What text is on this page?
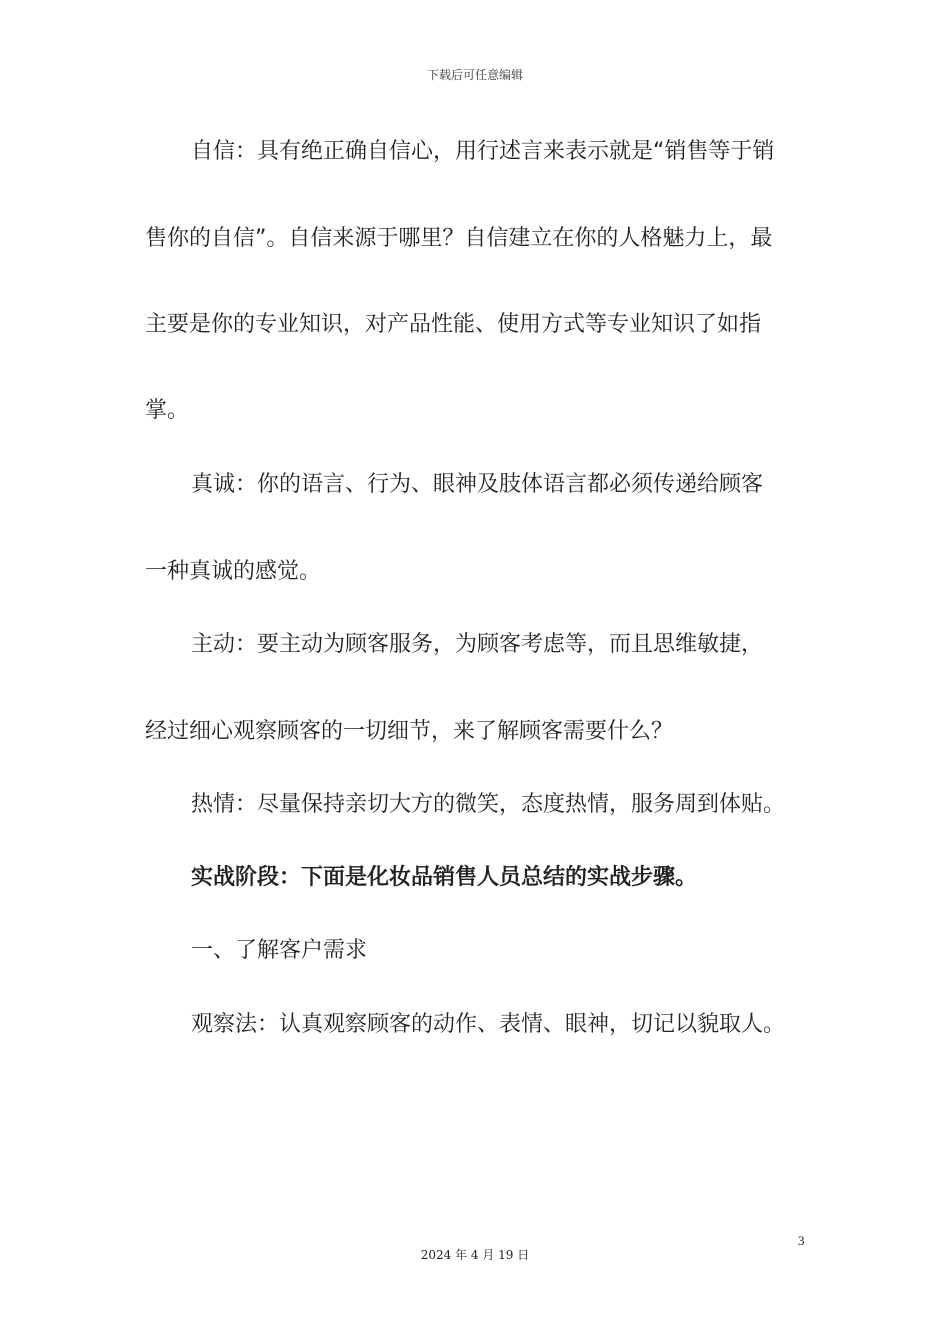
下载后可任意编辑
自信：具有绝正确自信心，用行述言来表示就是“销售等于销
售你的自信”。自信来源于哪里？自信建立在你的人格魅力上，最
主要是你的专业知识，对产品性能、使用方式等专业知识了如指
掌。
真诚：你的语言、行为、眼神及肢体语言都必须传递给顾客
一种真诚的感觉。
主动：要主动为顾客服务，为顾客考虑等，而且思维敏捷，
经过细心观察顾客的一切细节，来了解顾客需要什么？
热情：尽量保持亲切大方的微笑，态度热情，服务周到体贴。
实战阶段：下面是化妆品销售人员总结的实战步骤。
一、了解客户需求
观察法：认真观察顾客的动作、表情、眼神，切记以貌取人。
3
2024 年 4 月 19 日
